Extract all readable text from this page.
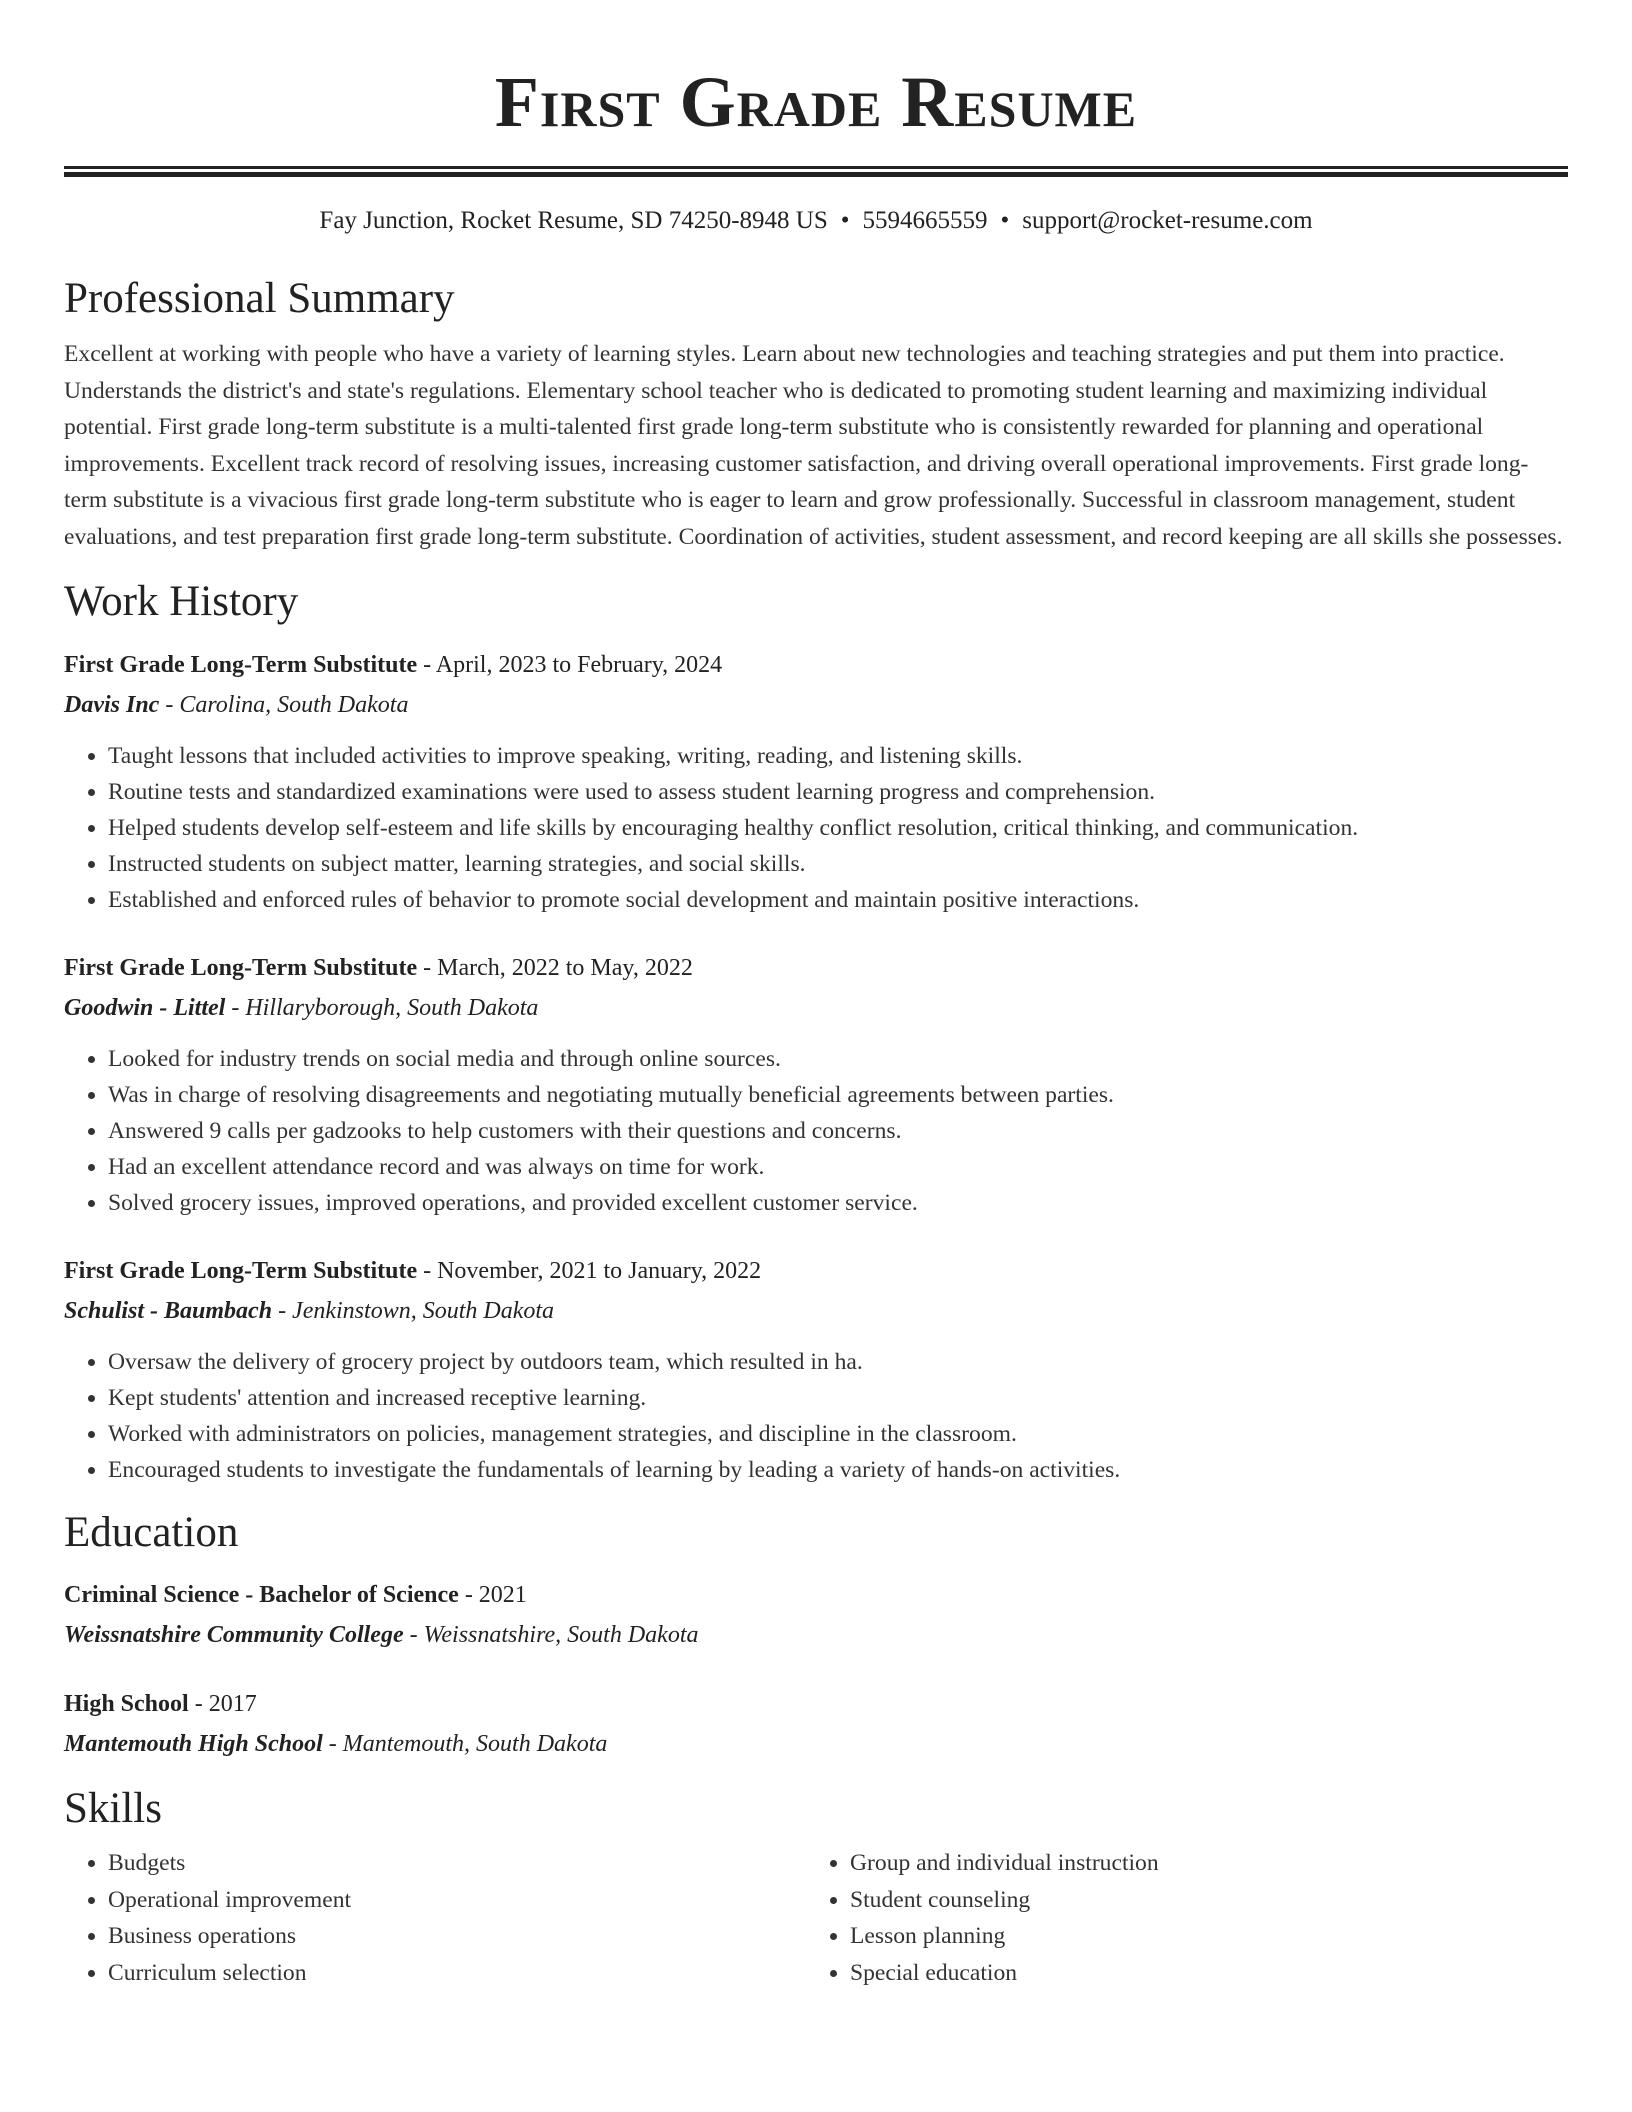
First Grade Resume
Fay Junction, Rocket Resume, SD 74250-8948 US • 5594665559 • support@rocket-resume.com
Professional Summary

Excellent at working with people who have a variety of learning styles. Learn about new technologies and teaching strategies and put them into practice. Understands the district's and state's regulations. Elementary school teacher who is dedicated to promoting student learning and maximizing individual potential. First grade long-term substitute is a multi-talented first grade long-term substitute who is consistently rewarded for planning and operational improvements. Excellent track record of resolving issues, increasing customer satisfaction, and driving overall operational improvements. First grade long-term substitute is a vivacious first grade long-term substitute who is eager to learn and grow professionally. Successful in classroom management, student evaluations, and test preparation first grade long-term substitute. Coordination of activities, student assessment, and record keeping are all skills she possesses.

Work History
First Grade Long-Term Substitute - April, 2023 to February, 2024
Davis Inc - Carolina, South Dakota
• Taught lessons that included activities to improve speaking, writing, reading, and listening skills.
• Routine tests and standardized examinations were used to assess student learning progress and comprehension.
• Helped students develop self-esteem and life skills by encouraging healthy conflict resolution, critical thinking, and communication.
• Instructed students on subject matter, learning strategies, and social skills.
• Established and enforced rules of behavior to promote social development and maintain positive interactions.
First Grade Long-Term Substitute - March, 2022 to May, 2022
Goodwin - Littel - Hillaryborough, South Dakota
• Looked for industry trends on social media and through online sources.
• Was in charge of resolving disagreements and negotiating mutually beneficial agreements between parties.
• Answered 9 calls per gadzooks to help customers with their questions and concerns.
• Had an excellent attendance record and was always on time for work.
• Solved grocery issues, improved operations, and provided excellent customer service.
First Grade Long-Term Substitute - November, 2021 to January, 2022
Schulist - Baumbach - Jenkinstown, South Dakota
• Oversaw the delivery of grocery project by outdoors team, which resulted in ha.
• Kept students' attention and increased receptive learning.
• Worked with administrators on policies, management strategies, and discipline in the classroom.
• Encouraged students to investigate the fundamentals of learning by leading a variety of hands-on activities.
Education
Criminal Science - Bachelor of Science - 2021
Weissnatshire Community College - Weissnatshire, South Dakota
High School - 2017
Mantemouth High School - Mantemouth, South Dakota
Skills
• Budgets
• Operational improvement
• Business operations
• Curriculum selection
• Group and individual instruction
• Student counseling
• Lesson planning
• Special education
